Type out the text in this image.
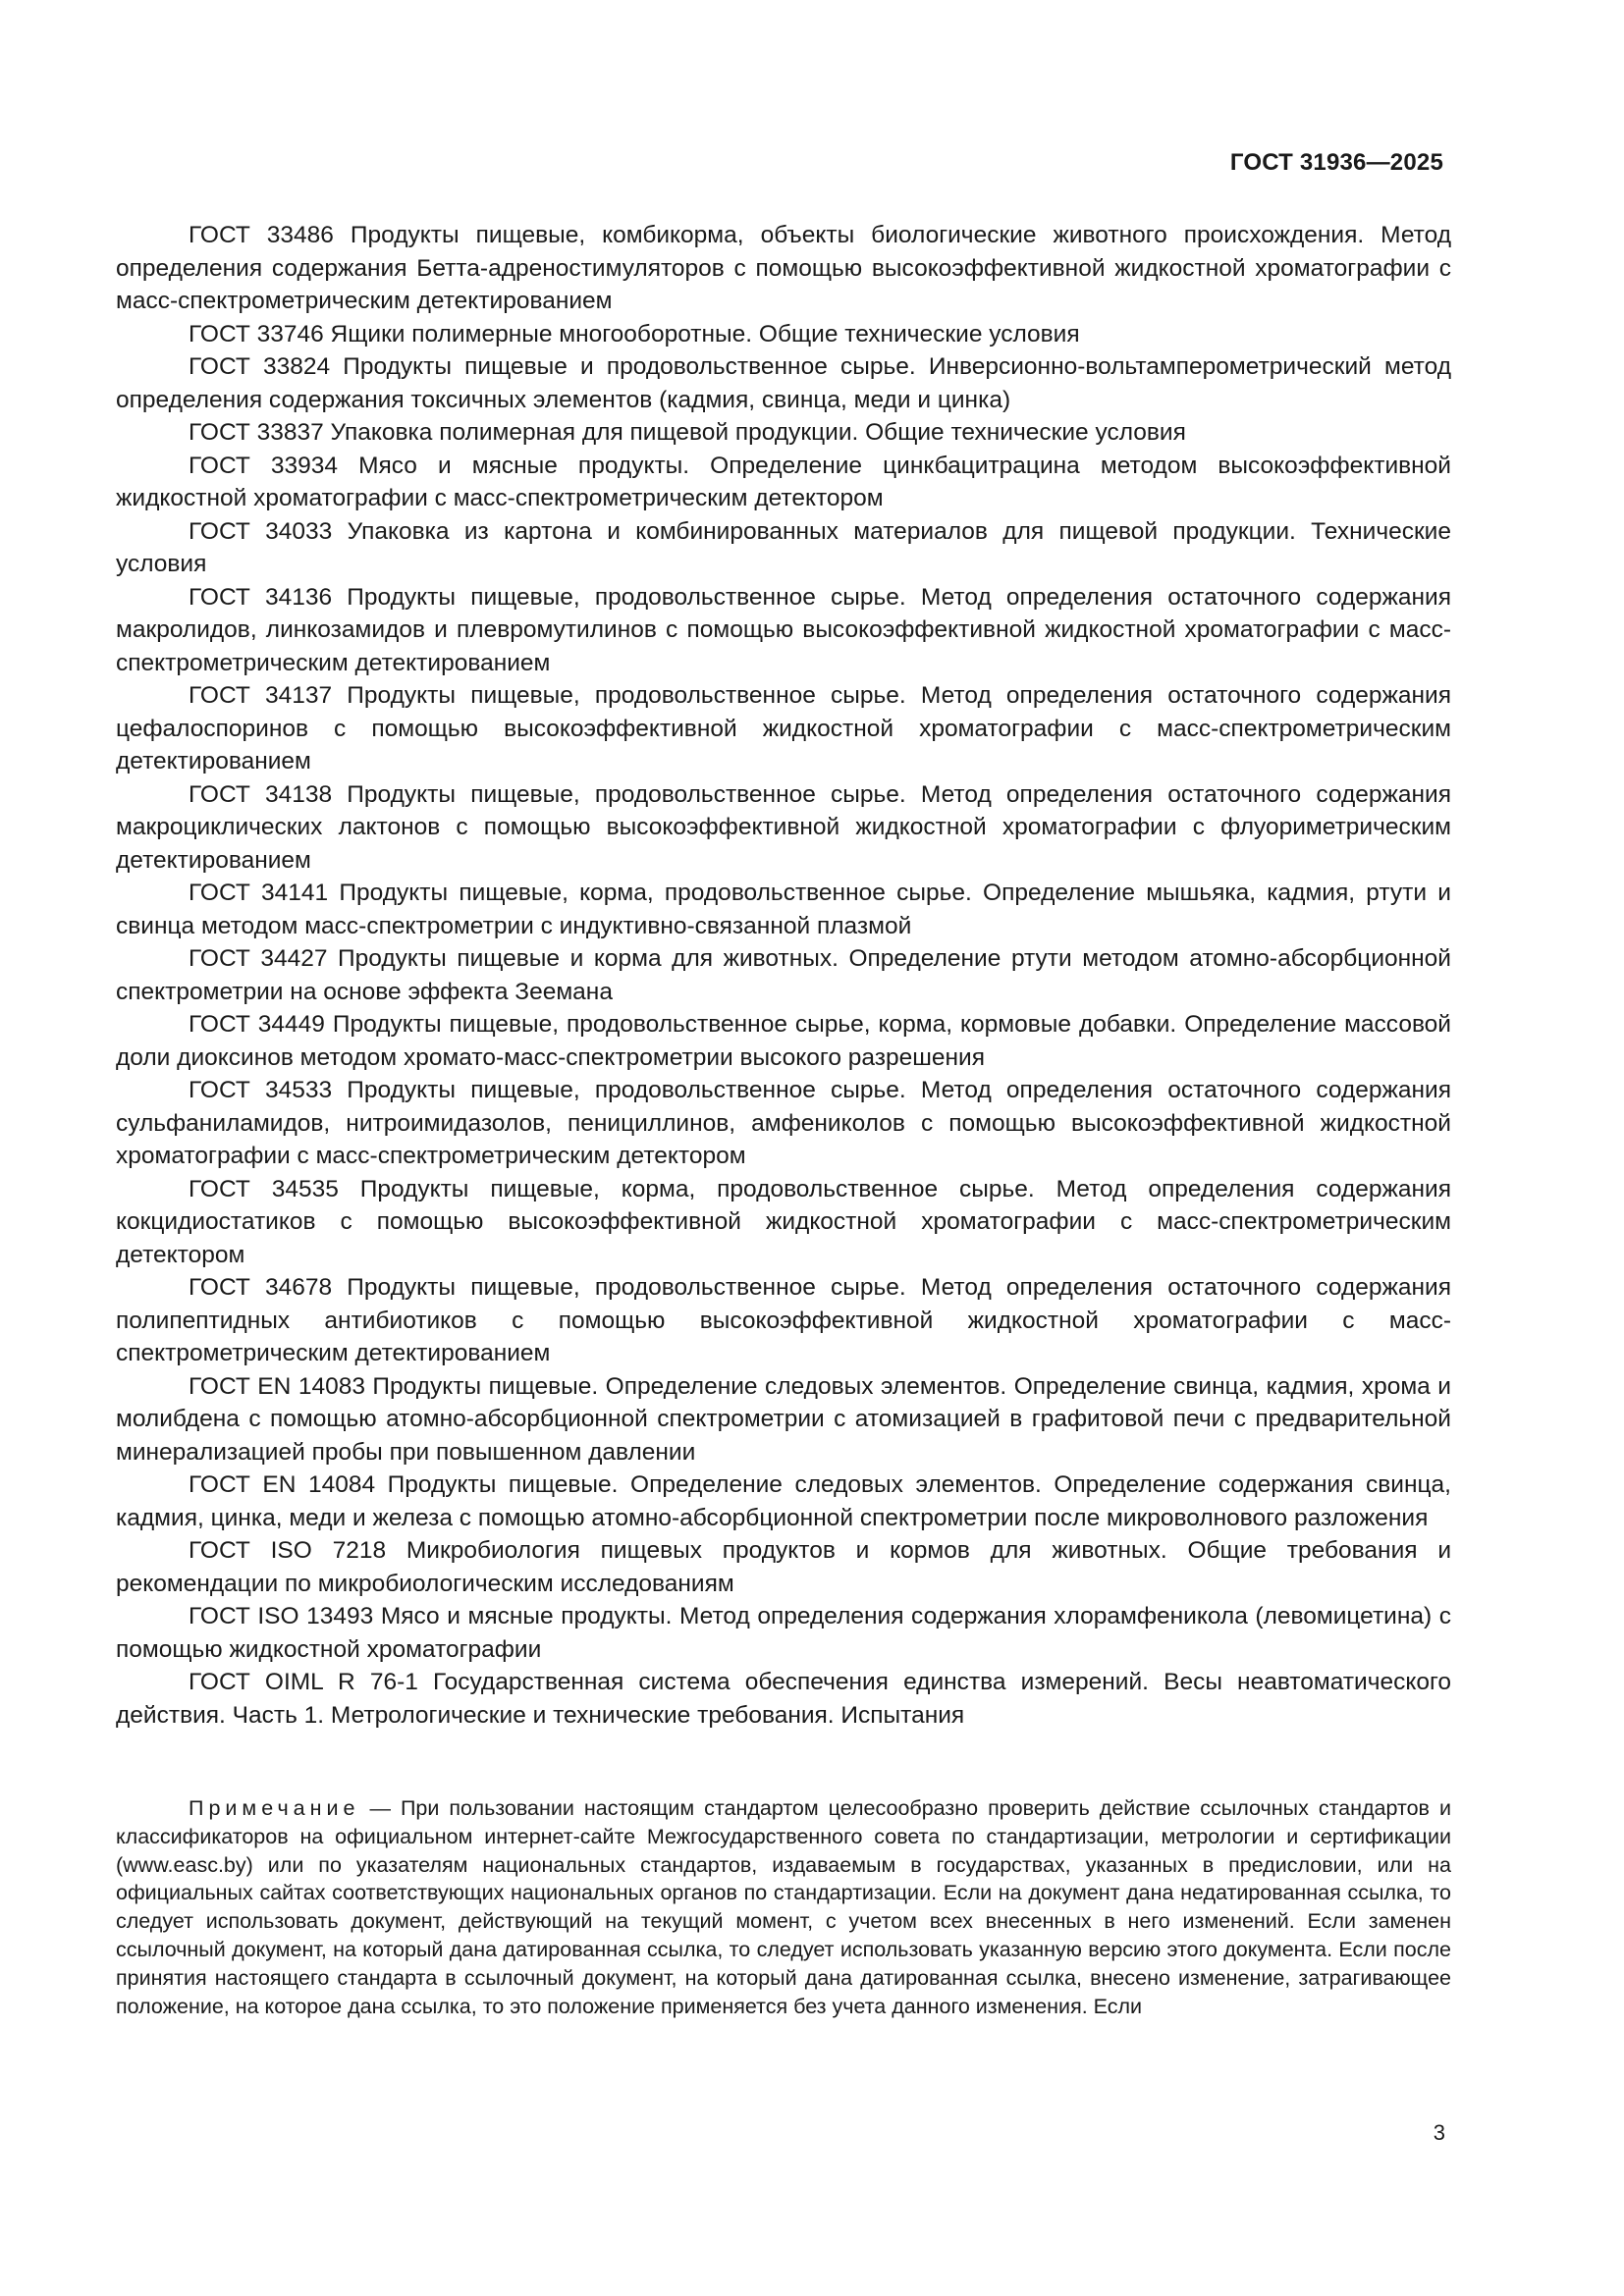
ГОСТ 31936—2025

ГОСТ 33486 Продукты пищевые, комбикорма, объекты биологические животного происхождения. Метод определения содержания Бетта-адреностимуляторов с помощью высокоэффективной жидкостной хроматографии с масс-спектрометрическим детектированием

ГОСТ 33746 Ящики полимерные многооборотные. Общие технические условия

ГОСТ 33824 Продукты пищевые и продовольственное сырье. Инверсионно-вольтамперометрический метод определения содержания токсичных элементов (кадмия, свинца, меди и цинка)

ГОСТ 33837 Упаковка полимерная для пищевой продукции. Общие технические условия

ГОСТ 33934 Мясо и мясные продукты. Определение цинкбацитрацина методом высокоэффективной жидкостной хроматографии с масс-спектрометрическим детектором

ГОСТ 34033 Упаковка из картона и комбинированных материалов для пищевой продукции. Технические условия

ГОСТ 34136 Продукты пищевые, продовольственное сырье. Метод определения остаточного содержания макролидов, линкозамидов и плевромутилинов с помощью высокоэффективной жидкостной хроматографии с масс-спектрометрическим детектированием

ГОСТ 34137 Продукты пищевые, продовольственное сырье. Метод определения остаточного содержания цефалоспоринов с помощью высокоэффективной жидкостной хроматографии с масс-спектрометрическим детектированием

ГОСТ 34138 Продукты пищевые, продовольственное сырье. Метод определения остаточного содержания макроциклических лактонов с помощью высокоэффективной жидкостной хроматографии с флуориметрическим детектированием

ГОСТ 34141 Продукты пищевые, корма, продовольственное сырье. Определение мышьяка, кадмия, ртути и свинца методом масс-спектрометрии с индуктивно-связанной плазмой

ГОСТ 34427 Продукты пищевые и корма для животных. Определение ртути методом атомно-абсорбционной спектрометрии на основе эффекта Зеемана

ГОСТ 34449 Продукты пищевые, продовольственное сырье, корма, кормовые добавки. Определение массовой доли диоксинов методом хромато-масс-спектрометрии высокого разрешения

ГОСТ 34533 Продукты пищевые, продовольственное сырье. Метод определения остаточного содержания сульфаниламидов, нитроимидазолов, пенициллинов, амфениколов с помощью высокоэффективной жидкостной хроматографии с масс-спектрометрическим детектором

ГОСТ 34535 Продукты пищевые, корма, продовольственное сырье. Метод определения содержания кокцидиостатиков с помощью высокоэффективной жидкостной хроматографии с масс-спектрометрическим детектором

ГОСТ 34678 Продукты пищевые, продовольственное сырье. Метод определения остаточного содержания полипептидных антибиотиков с помощью высокоэффективной жидкостной хроматографии с масс-спектрометрическим детектированием

ГОСТ EN 14083 Продукты пищевые. Определение следовых элементов. Определение свинца, кадмия, хрома и молибдена с помощью атомно-абсорбционной спектрометрии с атомизацией в графитовой печи с предварительной минерализацией пробы при повышенном давлении

ГОСТ EN 14084 Продукты пищевые. Определение следовых элементов. Определение содержания свинца, кадмия, цинка, меди и железа с помощью атомно-абсорбционной спектрометрии после микроволнового разложения

ГОСТ ISO 7218 Микробиология пищевых продуктов и кормов для животных. Общие требования и рекомендации по микробиологическим исследованиям

ГОСТ ISO 13493 Мясо и мясные продукты. Метод определения содержания хлорамфеникола (левомицетина) с помощью жидкостной хроматографии

ГОСТ OIML R 76-1 Государственная система обеспечения единства измерений. Весы неавтоматического действия. Часть 1. Метрологические и технические требования. Испытания

Примечание — При пользовании настоящим стандартом целесообразно проверить действие ссылочных стандартов и классификаторов на официальном интернет-сайте Межгосударственного совета по стандартизации, метрологии и сертификации (www.easc.by) или по указателям национальных стандартов, издаваемым в государствах, указанных в предисловии, или на официальных сайтах соответствующих национальных органов по стандартизации. Если на документ дана недатированная ссылка, то следует использовать документ, действующий на текущий момент, с учетом всех внесенных в него изменений. Если заменен ссылочный документ, на который дана датированная ссылка, то следует использовать указанную версию этого документа. Если после принятия настоящего стандарта в ссылочный документ, на который дана датированная ссылка, внесено изменение, затрагивающее положение, на которое дана ссылка, то это положение применяется без учета данного изменения. Если

3
